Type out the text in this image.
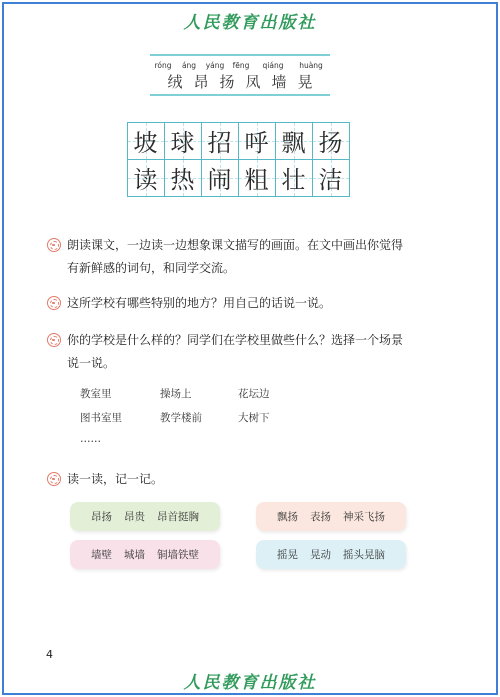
人民教育出版社
róng	áng	yáng	fēng	qiáng	huàng
绒 昂 扬 凤 墙 晃
坡 球 招 呼 飘 扬
读 热 闹 粗 壮 洁
朗读课文，一边读一边想象课文描写的画面。在文中画出你觉得
有新鲜感的词句，和同学交流。
这所学校有哪些特别的地方？用自己的话说一说。
你的学校是什么样的？同学们在学校里做些什么？选择一个场景
说一说。
教室里	操场上	花坛边
图书室里	教学楼前	大树下
……
读一读，记一记。
昂扬 昂贵 昂首挺胸	飘扬 表扬 神采飞扬
墙壁 城墙 铜墙铁壁	摇晃 晃动 摇头晃脑
4
人民教育出版社
